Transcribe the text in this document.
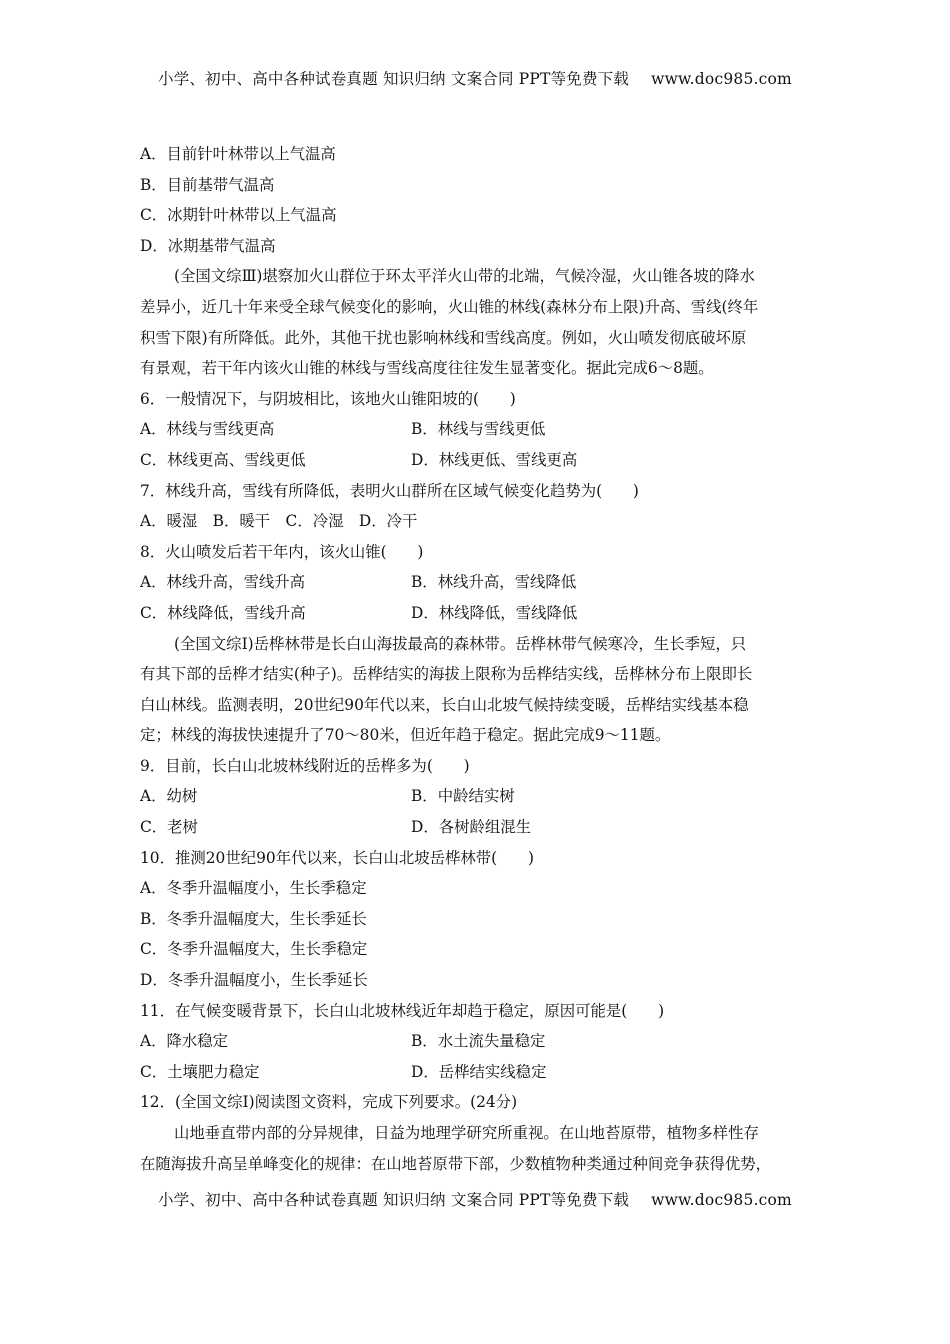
小学、初中、高中各种试卷真题 知识归纳 文案合同 PPT等免费下载 www.doc985.com
A．目前针叶林带以上气温高
B．目前基带气温高
C．冰期针叶林带以上气温高
D．冰期基带气温高
(全国文综Ⅲ)堪察加火山群位于环太平洋火山带的北端，气候冷湿，火山锥各坡的降水
差异小，近几十年来受全球气候变化的影响，火山锥的林线(森林分布上限)升高、雪线(终年
积雪下限)有所降低。此外，其他干扰也影响林线和雪线高度。例如，火山喷发彻底破坏原
有景观，若干年内该火山锥的林线与雪线高度往往发生显著变化。据此完成6～8题。
6．一般情况下，与阴坡相比，该地火山锥阳坡的(　　)
A．林线与雪线更高	B．林线与雪线更低
C．林线更高、雪线更低	D．林线更低、雪线更高
7．林线升高，雪线有所降低，表明火山群所在区域气候变化趋势为(　　)
A．暖湿　B．暖干　C．冷湿　D．冷干
8．火山喷发后若干年内，该火山锥(　　)
A．林线升高，雪线升高	B．林线升高，雪线降低
C．林线降低，雪线升高	D．林线降低，雪线降低
(全国文综Ⅰ)岳桦林带是长白山海拔最高的森林带。岳桦林带气候寒冷，生长季短，只
有其下部的岳桦才结实(种子)。岳桦结实的海拔上限称为岳桦结实线，岳桦林分布上限即长
白山林线。监测表明，20世纪90年代以来，长白山北坡气候持续变暖，岳桦结实线基本稳
定；林线的海拔快速提升了70～80米，但近年趋于稳定。据此完成9～11题。
9．目前，长白山北坡林线附近的岳桦多为(　　)
A．幼树	B．中龄结实树
C．老树	D．各树龄组混生
10．推测20世纪90年代以来，长白山北坡岳桦林带(　　)
A．冬季升温幅度小，生长季稳定
B．冬季升温幅度大，生长季延长
C．冬季升温幅度大，生长季稳定
D．冬季升温幅度小，生长季延长
11．在气候变暖背景下，长白山北坡林线近年却趋于稳定，原因可能是(　　)
A．降水稳定	B．水土流失量稳定
C．土壤肥力稳定	D．岳桦结实线稳定
12．(全国文综Ⅰ)阅读图文资料，完成下列要求。(24分)
山地垂直带内部的分异规律，日益为地理学研究所重视。在山地苔原带，植物多样性存
在随海拔升高呈单峰变化的规律：在山地苔原带下部，少数植物种类通过种间竞争获得优势，
小学、初中、高中各种试卷真题 知识归纳 文案合同 PPT等免费下载 www.doc985.com
